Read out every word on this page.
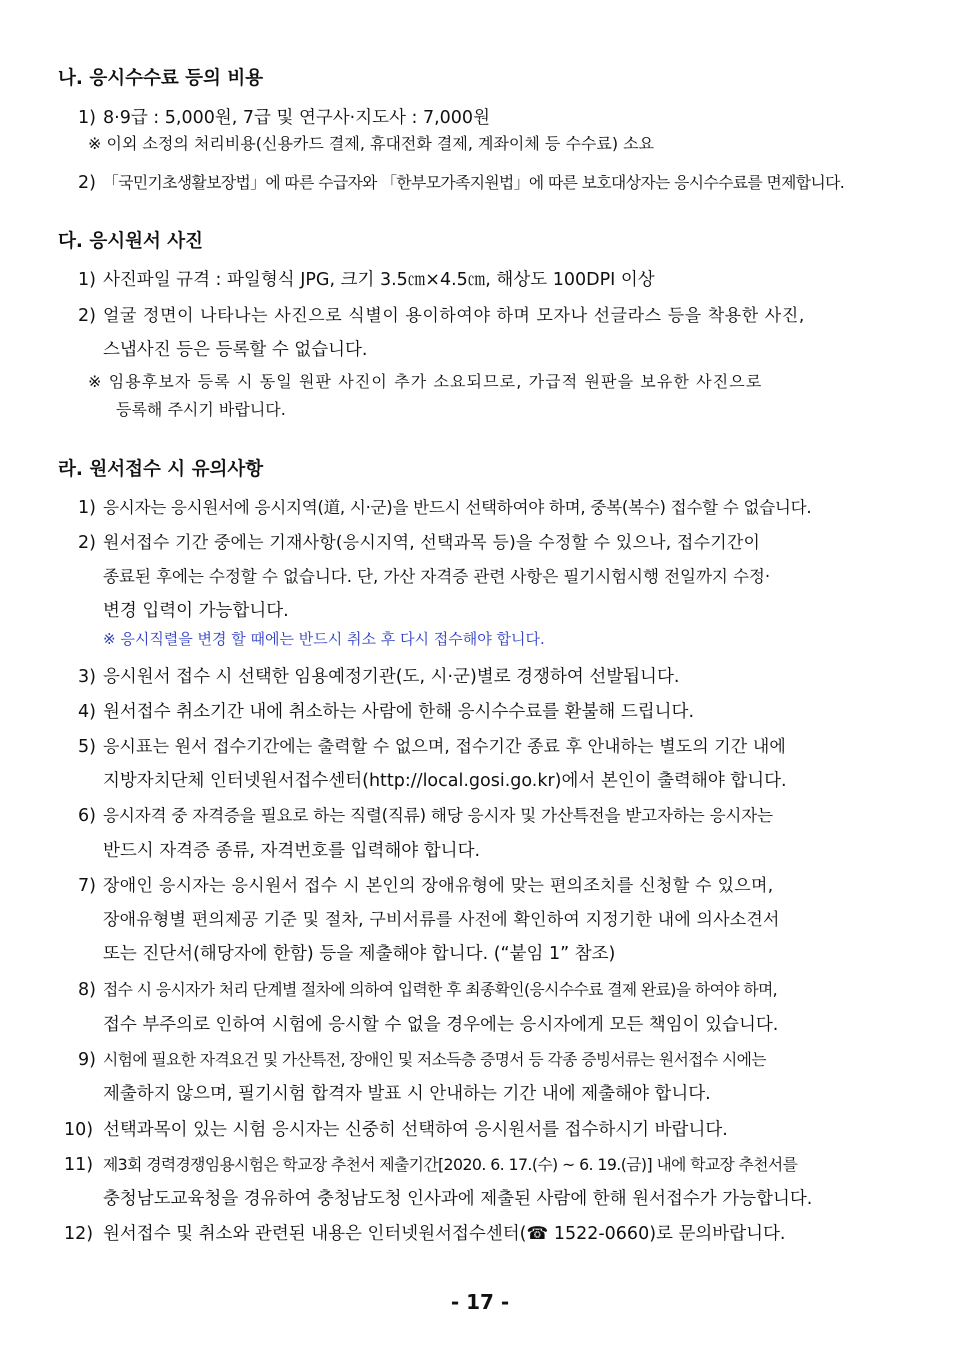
나. 응시수수료 등의 비용
1) 8·9급 : 5,000원, 7급 및 연구사·지도사 : 7,000원
※ 이외 소정의 처리비용(신용카드 결제, 휴대전화 결제, 계좌이체 등 수수료) 소요
2) 「국민기초생활보장법」에 따른 수급자와 「한부모가족지원법」에 따른 보호대상자는 응시수수료를 면제합니다.
다. 응시원서 사진
1) 사진파일 규격 : 파일형식 JPG, 크기 3.5㎝×4.5㎝, 해상도 100DPI 이상
2) 얼굴 정면이 나타나는 사진으로 식별이 용이하여야 하며 모자나 선글라스 등을 착용한 사진,
스냅사진 등은 등록할 수 없습니다.
※ 임용후보자 등록 시 동일 원판 사진이 추가 소요되므로, 가급적 원판을 보유한 사진으로
등록해 주시기 바랍니다.
라. 원서접수 시 유의사항
1) 응시자는 응시원서에 응시지역(道, 시·군)을 반드시 선택하여야 하며, 중복(복수) 접수할 수 없습니다.
2) 원서접수 기간 중에는 기재사항(응시지역, 선택과목 등)을 수정할 수 있으나, 접수기간이
종료된 후에는 수정할 수 없습니다. 단, 가산 자격증 관련 사항은 필기시험시행 전일까지 수정·
변경 입력이 가능합니다.
※ 응시직렬을 변경 할 때에는 반드시 취소 후 다시 접수해야 합니다.
3) 응시원서 접수 시 선택한 임용예정기관(도, 시·군)별로 경쟁하여 선발됩니다.
4) 원서접수 취소기간 내에 취소하는 사람에 한해 응시수수료를 환불해 드립니다.
5) 응시표는 원서 접수기간에는 출력할 수 없으며, 접수기간 종료 후 안내하는 별도의 기간 내에
지방자치단체 인터넷원서접수센터(http://local.gosi.go.kr)에서 본인이 출력해야 합니다.
6) 응시자격 중 자격증을 필요로 하는 직렬(직류) 해당 응시자 및 가산특전을 받고자하는 응시자는
반드시 자격증 종류, 자격번호를 입력해야 합니다.
7) 장애인 응시자는 응시원서 접수 시 본인의 장애유형에 맞는 편의조치를 신청할 수 있으며,
장애유형별 편의제공 기준 및 절차, 구비서류를 사전에 확인하여 지정기한 내에 의사소견서
또는 진단서(해당자에 한함) 등을 제출해야 합니다. (“붙임 1” 참조)
8) 접수 시 응시자가 처리 단계별 절차에 의하여 입력한 후 최종확인(응시수수료 결제 완료)을 하여야 하며,
접수 부주의로 인하여 시험에 응시할 수 없을 경우에는 응시자에게 모든 책임이 있습니다.
9) 시험에 필요한 자격요건 및 가산특전, 장애인 및 저소득층 증명서 등 각종 증빙서류는 원서접수 시에는
제출하지 않으며, 필기시험 합격자 발표 시 안내하는 기간 내에 제출해야 합니다.
10) 선택과목이 있는 시험 응시자는 신중히 선택하여 응시원서를 접수하시기 바랍니다.
11) 제3회 경력경쟁임용시험은 학교장 추천서 제출기간[2020. 6. 17.(수) ~ 6. 19.(금)] 내에 학교장 추천서를
충청남도교육청을 경유하여 충청남도청 인사과에 제출된 사람에 한해 원서접수가 가능합니다.
12) 원서접수 및 취소와 관련된 내용은 인터넷원서접수센터(☎ 1522-0660)로 문의바랍니다.
- 17 -
